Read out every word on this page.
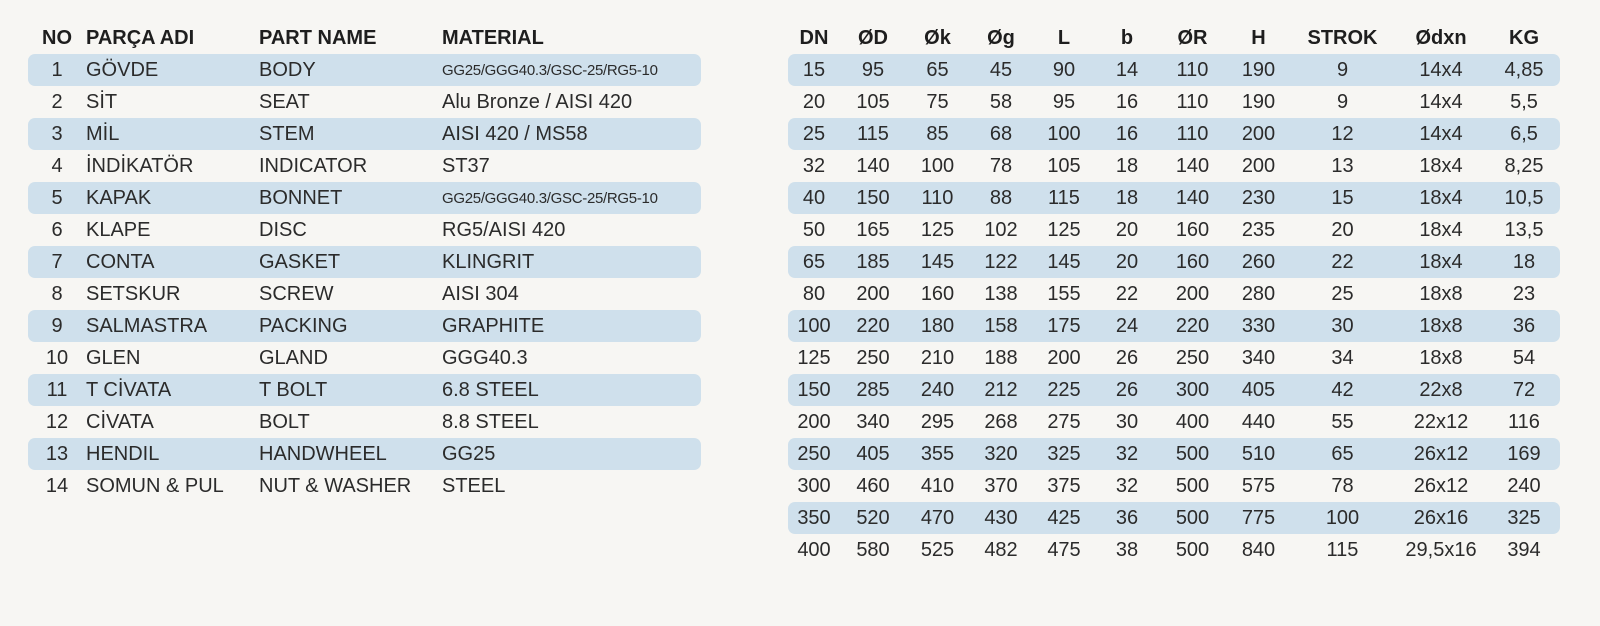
NO	PARÇA ADI	PART NAME	MATERIAL
1	GÖVDE	BODY	GG25/GGG40.3/GSC-25/RG5-10
2	SİT	SEAT	Alu Bronze / AISI 420
3	MİL	STEM	AISI 420 / MS58
4	İNDİKATÖR	INDICATOR	ST37
5	KAPAK	BONNET	GG25/GGG40.3/GSC-25/RG5-10
6	KLAPE	DISC	RG5/AISI 420
7	CONTA	GASKET	KLINGRIT
8	SETSKUR	SCREW	AISI 304
9	SALMASTRA	PACKING	GRAPHITE
10	GLEN	GLAND	GGG40.3
11	T CİVATA	T BOLT	6.8 STEEL
12	CİVATA	BOLT	8.8 STEEL
13	HENDIL	HANDWHEEL	GG25
14	SOMUN & PUL	NUT & WASHER	STEEL
DN	ØD	Øk	Øg	L	b	ØR	H	STROK	Ødxn	KG
15	95	65	45	90	14	110	190	9	14x4	4,85
20	105	75	58	95	16	110	190	9	14x4	5,5
25	115	85	68	100	16	110	200	12	14x4	6,5
32	140	100	78	105	18	140	200	13	18x4	8,25
40	150	110	88	115	18	140	230	15	18x4	10,5
50	165	125	102	125	20	160	235	20	18x4	13,5
65	185	145	122	145	20	160	260	22	18x4	18
80	200	160	138	155	22	200	280	25	18x8	23
100	220	180	158	175	24	220	330	30	18x8	36
125	250	210	188	200	26	250	340	34	18x8	54
150	285	240	212	225	26	300	405	42	22x8	72
200	340	295	268	275	30	400	440	55	22x12	116
250	405	355	320	325	32	500	510	65	26x12	169
300	460	410	370	375	32	500	575	78	26x12	240
350	520	470	430	425	36	500	775	100	26x16	325
400	580	525	482	475	38	500	840	115	29,5x16	394
